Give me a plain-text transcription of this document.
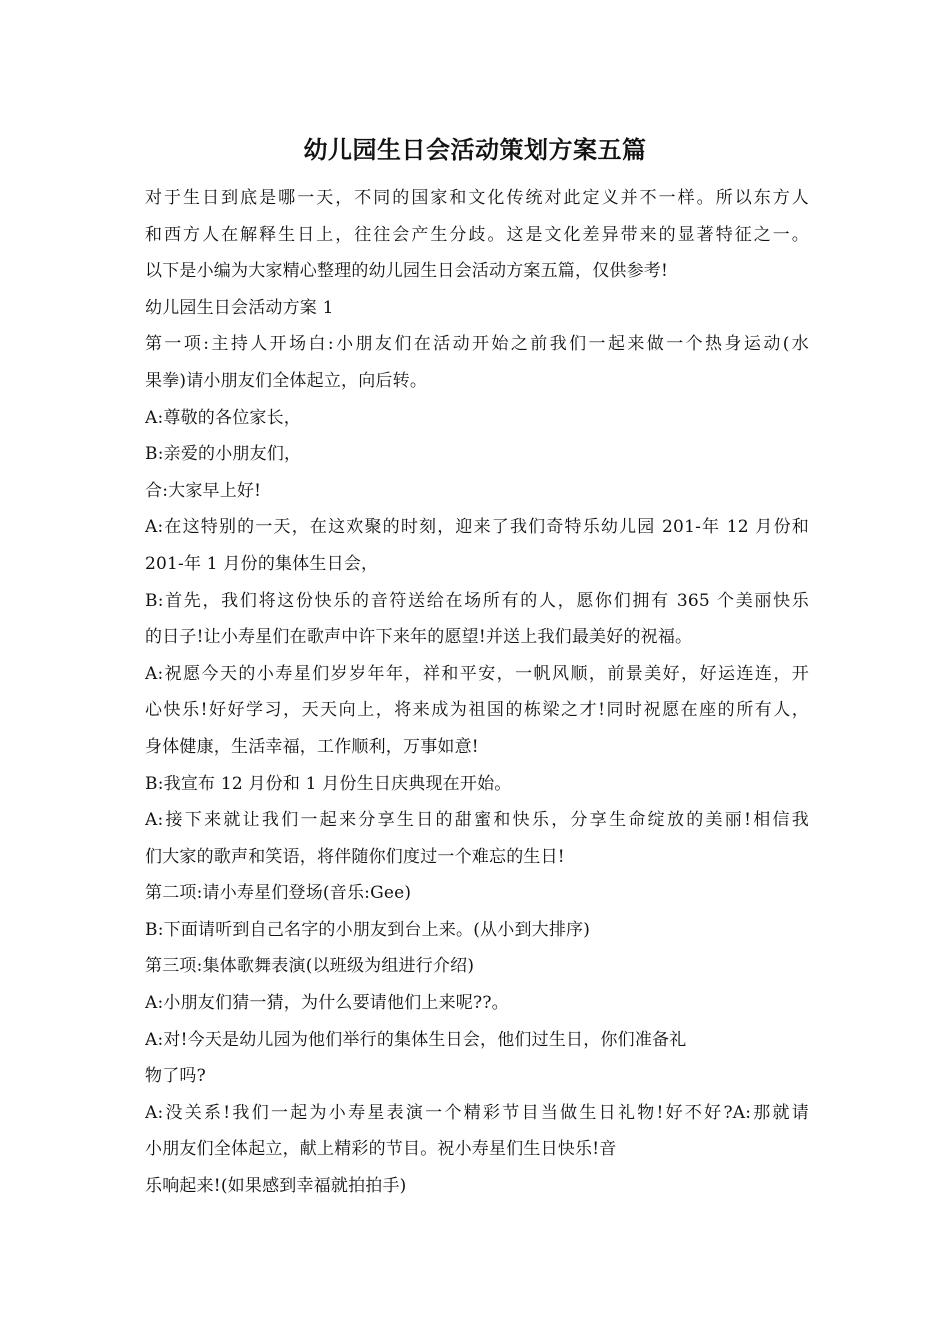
幼儿园生日会活动策划方案五篇
对于生日到底是哪一天，不同的国家和文化传统对此定义并不一样。所以东方人
和西方人在解释生日上，往往会产生分歧。这是文化差异带来的显著特征之一。
以下是小编为大家精心整理的幼儿园生日会活动方案五篇，仅供参考!
幼儿园生日会活动方案 1
第一项:主持人开场白:小朋友们在活动开始之前我们一起来做一个热身运动(水
果拳)请小朋友们全体起立，向后转。
A:尊敬的各位家长，
B:亲爱的小朋友们，
合:大家早上好!
A:在这特别的一天，在这欢聚的时刻，迎来了我们奇特乐幼儿园 201-年 12 月份和
201-年 1 月份的集体生日会，
B:首先，我们将这份快乐的音符送给在场所有的人，愿你们拥有 365 个美丽快乐
的日子!让小寿星们在歌声中许下来年的愿望!并送上我们最美好的祝福。
A:祝愿今天的小寿星们岁岁年年，祥和平安，一帆风顺，前景美好，好运连连，开
心快乐!好好学习，天天向上，将来成为祖国的栋梁之才!同时祝愿在座的所有人，
身体健康，生活幸福，工作顺利，万事如意!
B:我宣布 12 月份和 1 月份生日庆典现在开始。
A:接下来就让我们一起来分享生日的甜蜜和快乐，分享生命绽放的美丽!相信我
们大家的歌声和笑语，将伴随你们度过一个难忘的生日!
第二项:请小寿星们登场(音乐:Gee)
B:下面请听到自己名字的小朋友到台上来。(从小到大排序)
第三项:集体歌舞表演(以班级为组进行介绍)
A:小朋友们猜一猜，为什么要请他们上来呢??。
A:对!今天是幼儿园为他们举行的集体生日会，他们过生日，你们准备礼
物了吗?
A:没关系!我们一起为小寿星表演一个精彩节目当做生日礼物!好不好?A:那就请
小朋友们全体起立，献上精彩的节目。祝小寿星们生日快乐!音
乐响起来!(如果感到幸福就拍拍手)
